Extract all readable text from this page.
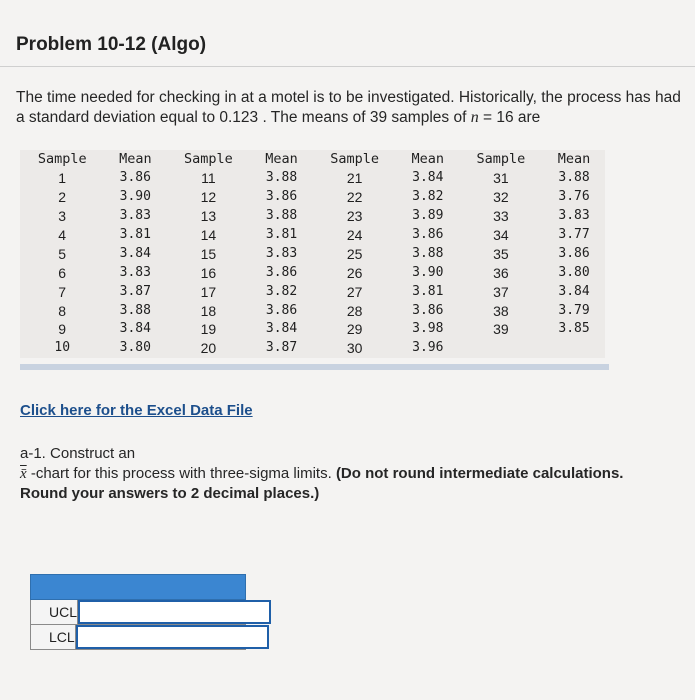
Problem 10-12 (Algo)
The time needed for checking in at a motel is to be investigated. Historically, the process has had a standard deviation equal to 0.123 . The means of 39 samples of n = 16 are
Sample	Mean	Sample	Mean	Sample	Mean	Sample	Mean
1	3.86	11	3.88	21	3.84	31	3.88
2	3.90	12	3.86	22	3.82	32	3.76
3	3.83	13	3.88	23	3.89	33	3.83
4	3.81	14	3.81	24	3.86	34	3.77
5	3.84	15	3.83	25	3.88	35	3.86
6	3.83	16	3.86	26	3.90	36	3.80
7	3.87	17	3.82	27	3.81	37	3.84
8	3.88	18	3.86	28	3.86	38	3.79
9	3.84	19	3.84	29	3.98	39	3.85
10	3.80	20	3.87	30	3.96		
Click here for the Excel Data File
a-1. Construct an
x̄ -chart for this process with three-sigma limits. (Do not round intermediate calculations. Round your answers to 2 decimal places.)
UCL
LCL
